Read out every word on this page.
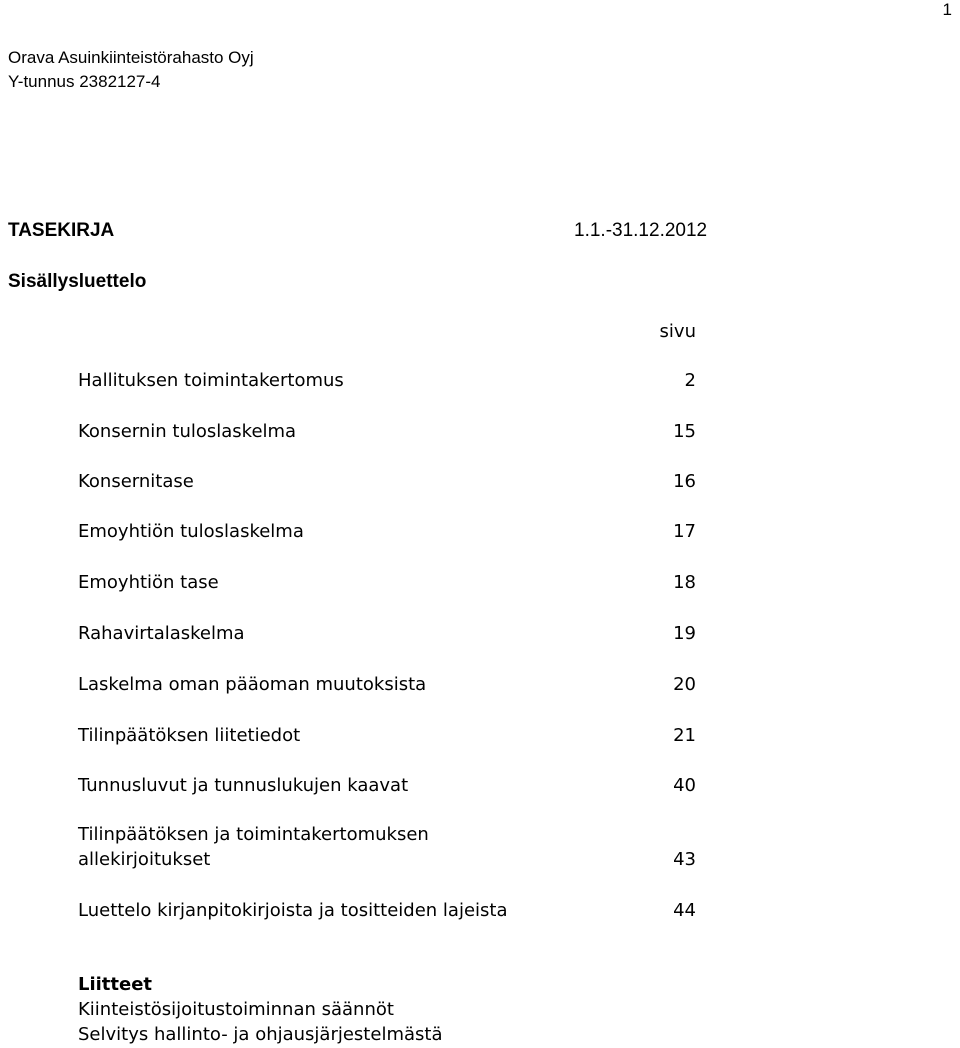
1
Orava Asuinkiinteistörahasto Oyj
Y-tunnus 2382127-4
TASEKIRJA	1.1.-31.12.2012
Sisällysluettelo
sivu
Hallituksen toimintakertomus	2
Konsernin tuloslaskelma	15
Konsernitase	16
Emoyhtiön tuloslaskelma	17
Emoyhtiön tase	18
Rahavirtalaskelma	19
Laskelma oman pääoman muutoksista	20
Tilinpäätöksen liitetiedot	21
Tunnusluvut ja tunnuslukujen kaavat	40
Tilinpäätöksen ja toimintakertomuksen
allekirjoitukset	43
Luettelo kirjanpitokirjoista ja tositteiden lajeista	44
Liitteet
Kiinteistösijoitustoiminnan säännöt
Selvitys hallinto- ja ohjausjärjestelmästä
